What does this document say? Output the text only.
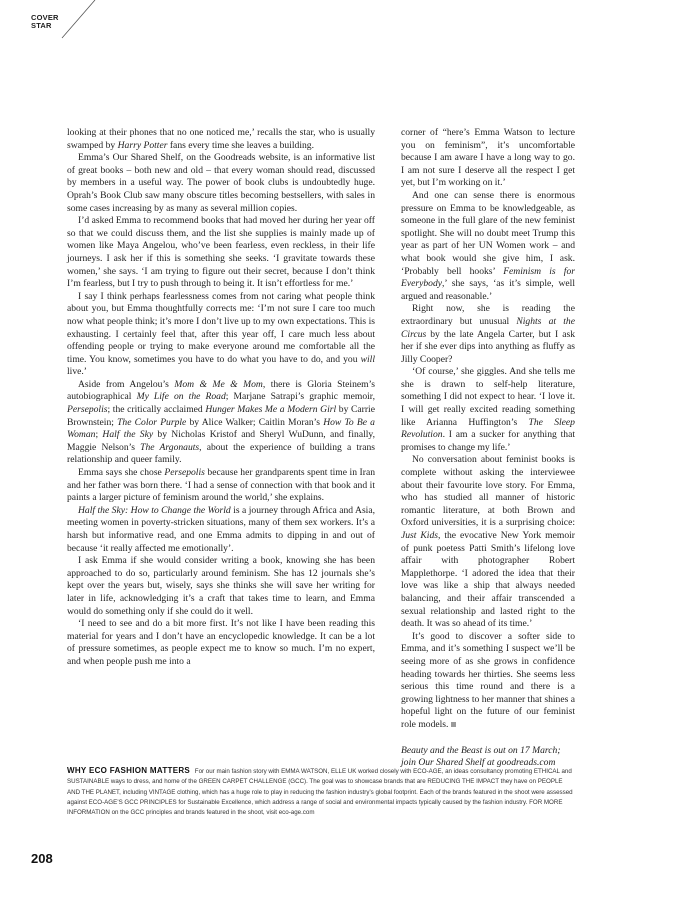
COVER
STAR

looking at their phones that no one noticed me,’ recalls the star, who is usually swamped by Harry Potter fans every time she leaves a building.

Emma’s Our Shared Shelf, on the Goodreads website, is an informative list of great books – both new and old – that every woman should read, discussed by members in a useful way. The power of book clubs is undoubtedly huge. Oprah’s Book Club saw many obscure titles becoming bestsellers, with sales in some cases increasing by as many as several million copies.

I’d asked Emma to recommend books that had moved her during her year off so that we could discuss them, and the list she supplies is mainly made up of women like Maya Angelou, who’ve been fearless, even reckless, in their life journeys. I ask her if this is something she seeks. ‘I gravitate towards these women,’ she says. ‘I am trying to figure out their secret, because I don’t think I’m fearless, but I try to push through to being it. It isn’t effortless for me.’

I say I think perhaps fearlessness comes from not caring what people think about you, but Emma thoughtfully corrects me: ‘I’m not sure I care too much now what people think; it’s more I don’t live up to my own expectations. This is exhausting. I certainly feel that, after this year off, I care much less about offending people or trying to make everyone around me comfortable all the time. You know, sometimes you have to do what you have to do, and you will live.’

Aside from Angelou’s Mom & Me & Mom, there is Gloria Steinem’s autobiographical My Life on the Road; Marjane Satrapi’s graphic memoir, Persepolis; the critically acclaimed Hunger Makes Me a Modern Girl by Carrie Brownstein; The Color Purple by Alice Walker; Caitlin Moran’s How To Be a Woman; Half the Sky by Nicholas Kristof and Sheryl WuDunn, and finally, Maggie Nelson’s The Argonauts, about the experience of building a trans relationship and queer family.

Emma says she chose Persepolis because her grandparents spent time in Iran and her father was born there. ‘I had a sense of connection with that book and it paints a larger picture of feminism around the world,’ she explains.

Half the Sky: How to Change the World is a journey through Africa and Asia, meeting women in poverty-stricken situations, many of them sex workers. It’s a harsh but informative read, and one Emma admits to dipping in and out of because ‘it really affected me emotionally’.

I ask Emma if she would consider writing a book, knowing she has been approached to do so, particularly around feminism. She has 12 journals she’s kept over the years but, wisely, says she thinks she will save her writing for later in life, acknowledging it’s a craft that takes time to learn, and Emma would do something only if she could do it well.

‘I need to see and do a bit more first. It’s not like I have been reading this material for years and I don’t have an encyclopedic knowledge. It can be a lot of pressure sometimes, as people expect me to know so much. I’m no expert, and when people push me into a

corner of “here’s Emma Watson to lecture you on feminism”, it’s uncomfortable because I am aware I have a long way to go. I am not sure I deserve all the respect I get yet, but I’m working on it.’

And one can sense there is enormous pressure on Emma to be knowledgeable, as someone in the full glare of the new feminist spotlight. She will no doubt meet Trump this year as part of her UN Women work – and what book would she give him, I ask. ‘Probably bell hooks’ Feminism is for Everybody,’ she says, ‘as it’s simple, well argued and reasonable.’

Right now, she is reading the extraordinary but unusual Nights at the Circus by the late Angela Carter, but I ask her if she ever dips into anything as fluffy as Jilly Cooper?

‘Of course,’ she giggles. And she tells me she is drawn to self-help literature, something I did not expect to hear. ‘I love it. I will get really excited reading something like Arianna Huffington’s The Sleep Revolution. I am a sucker for anything that promises to change my life.’

No conversation about feminist books is complete without asking the interviewee about their favourite love story. For Emma, who has studied all manner of historic romantic literature, at both Brown and Oxford universities, it is a surprising choice: Just Kids, the evocative New York memoir of punk poetess Patti Smith’s lifelong love affair with photographer Robert Mapplethorpe. ‘I adored the idea that their love was like a ship that always needed balancing, and their affair transcended a sexual relationship and lasted right to the death. It was so ahead of its time.’

It’s good to discover a softer side to Emma, and it’s something I suspect we’ll be seeing more of as she grows in confidence heading towards her thirties. She seems less serious this time round and there is a growing lightness to her manner that shines a hopeful light on the future of our feminist role models.

Beauty and the Beast is out on 17 March; join Our Shared Shelf at goodreads.com

WHY ECO FASHION MATTERS For our main fashion story with EMMA WATSON, ELLE UK worked closely with ECO-AGE, an ideas consultancy promoting ETHICAL and SUSTAINABLE ways to dress, and home of the GREEN CARPET CHALLENGE (GCC). The goal was to showcase brands that are REDUCING THE IMPACT they have on PEOPLE AND THE PLANET, including VINTAGE clothing, which has a huge role to play in reducing the fashion industry’s global footprint. Each of the brands featured in the shoot were assessed against ECO-AGE’S GCC PRINCIPLES for Sustainable Excellence, which address a range of social and environmental impacts typically caused by the fashion industry. FOR MORE INFORMATION on the GCC principles and brands featured in the shoot, visit eco-age.com
208
